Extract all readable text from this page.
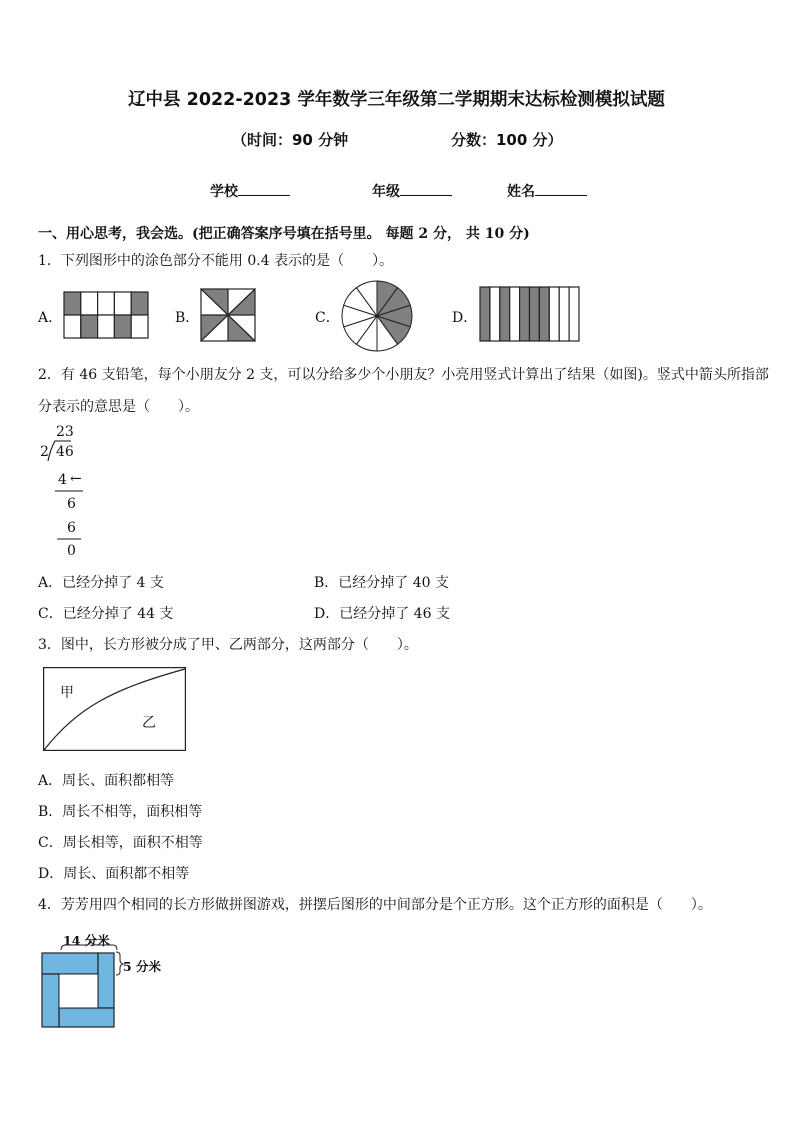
辽中县 2022-2023 学年数学三年级第二学期期末达标检测模拟试题
（时间：90 分钟	分数：100 分）
学校	年级	姓名
一、用心思考，我会选。(把正确答案序号填在括号里。 每题 2 分， 共 10 分)
1．下列图形中的涂色部分不能用 0.4 表示的是（　　）。
A．	B．	C．	D．
2．有 46 支铅笔，每个小朋友分 2 支，可以分给多少个小朋友？小亮用竖式计算出了结果（如图)。竖式中箭头所指部
分表示的意思是（　　）。
23
2 46
4 ←
6
6
0
A．已经分掉了 4 支	B．已经分掉了 40 支
C．已经分掉了 44 支	D．已经分掉了 46 支
3．图中，长方形被分成了甲、乙两部分，这两部分（　　）。
甲
乙
A．周长、面积都相等
B．周长不相等，面积相等
C．周长相等，面积不相等
D．周长、面积都不相等
4．芳芳用四个相同的长方形做拼图游戏，拼摆后图形的中间部分是个正方形。这个正方形的面积是（　　）。
14 分米
5 分米
